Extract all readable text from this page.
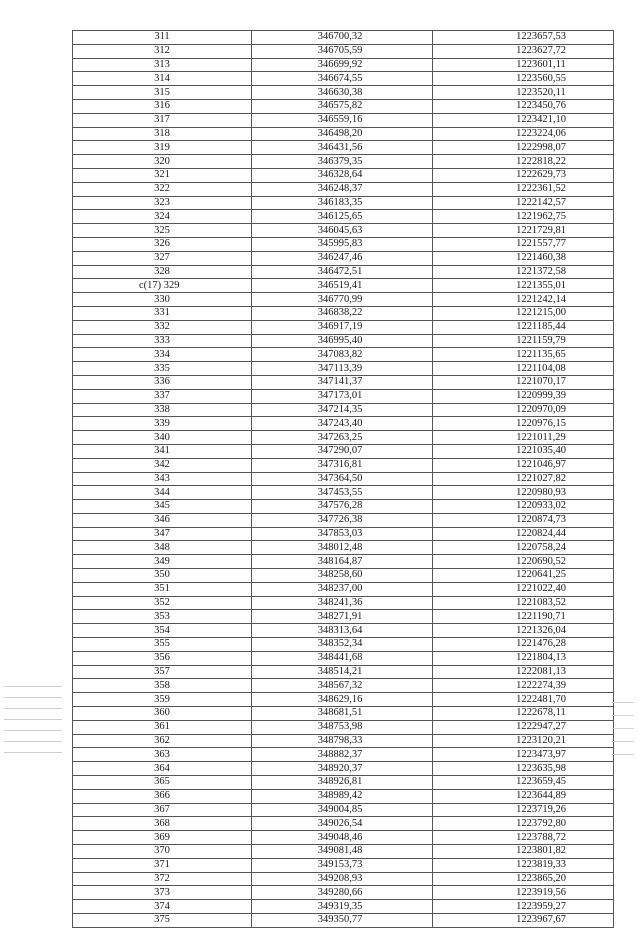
311	346700,32	1223657,53
312	346705,59	1223627,72
313	346699,92	1223601,11
314	346674,55	1223560,55
315	346630,38	1223520,11
316	346575,82	1223450,76
317	346559,16	1223421,10
318	346498,20	1223224,06
319	346431,56	1222998,07
320	346379,35	1222818,22
321	346328,64	1222629,73
322	346248,37	1222361,52
323	346183,35	1222142,57
324	346125,65	1221962,75
325	346045,63	1221729,81
326	345995,83	1221557,77
327	346247,46	1221460,38
328	346472,51	1221372,58
с(17) 329	346519,41	1221355,01
330	346770,99	1221242,14
331	346838,22	1221215,00
332	346917,19	1221185,44
333	346995,40	1221159,79
334	347083,82	1221135,65
335	347113,39	1221104,08
336	347141,37	1221070,17
337	347173,01	1220999,39
338	347214,35	1220970,09
339	347243,40	1220976,15
340	347263,25	1221011,29
341	347290,07	1221035,40
342	347316,81	1221046,97
343	347364,50	1221027,82
344	347453,55	1220980,93
345	347576,28	1220933,02
346	347726,38	1220874,73
347	347853,03	1220824,44
348	348012,48	1220758,24
349	348164,87	1220690,52
350	348258,60	1220641,25
351	348237,00	1221022,40
352	348241,36	1221083,52
353	348271,91	1221190,71
354	348313,64	1221326,04
355	348352,34	1221476,28
356	348441,68	1221804,13
357	348514,21	1222081,13
358	348567,32	1222274,39
359	348629,16	1222481,70
360	348681,51	1222678,11
361	348753,98	1222947,27
362	348798,33	1223120,21
363	348882,37	1223473,97
364	348920,37	1223635,98
365	348926,81	1223659,45
366	348989,42	1223644,89
367	349004,85	1223719,26
368	349026,54	1223792,80
369	349048,46	1223788,72
370	349081,48	1223801,82
371	349153,73	1223819,33
372	349208,93	1223865,20
373	349280,66	1223919,56
374	349319,35	1223959,27
375	349350,77	1223967,67
